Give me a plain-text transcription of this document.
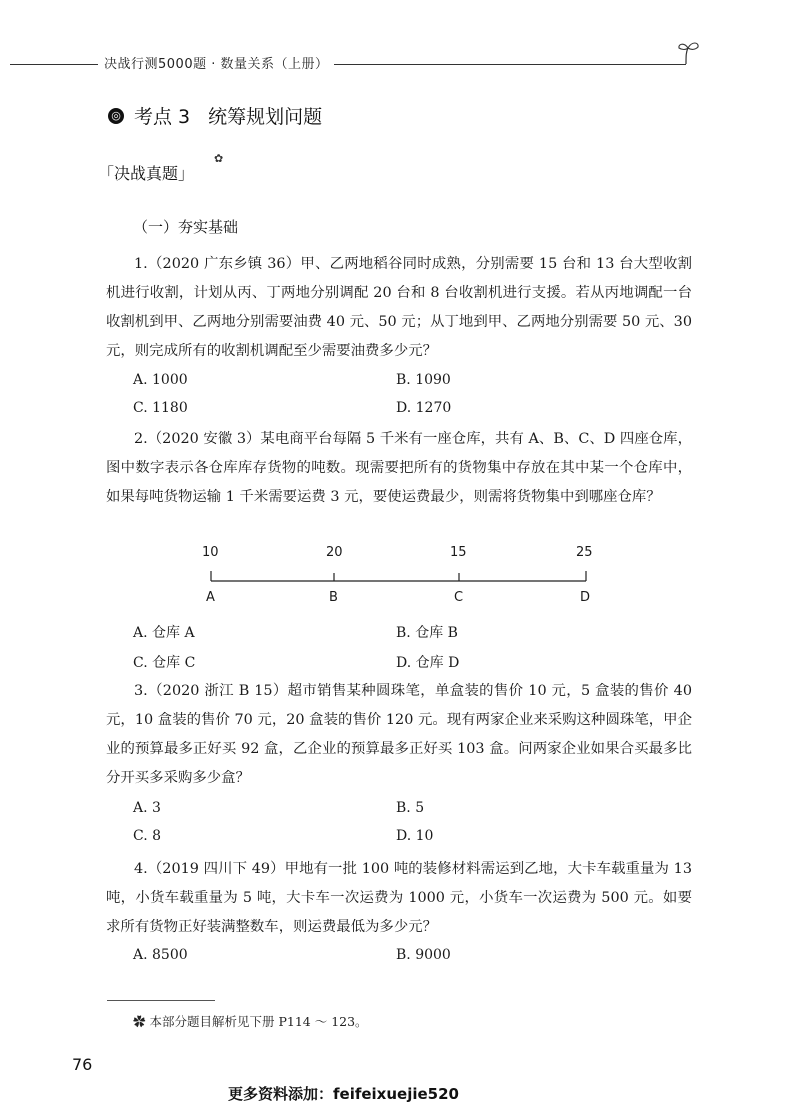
决战行测5000题 · 数量关系（上册）
◎ 考点 3 统筹规划问题
「决战真题」
✿
（一）夯实基础
1.（2020 广东乡镇 36）甲、乙两地稻谷同时成熟，分别需要 15 台和 13 台大型收割机进行收割，计划从丙、丁两地分别调配 20 台和 8 台收割机进行支援。若从丙地调配一台收割机到甲、乙两地分别需要油费 40 元、50 元；从丁地到甲、乙两地分别需要 50 元、30 元，则完成所有的收割机调配至少需要油费多少元？
A. 1000	B. 1090
C. 1180	D. 1270
2.（2020 安徽 3）某电商平台每隔 5 千米有一座仓库，共有 A、B、C、D 四座仓库，图中数字表示各仓库库存货物的吨数。现需要把所有的货物集中存放在其中某一个仓库中，如果每吨货物运输 1 千米需要运费 3 元，要使运费最少，则需将货物集中到哪座仓库？
10	20	15	25
A	B	C	D
A. 仓库 A	B. 仓库 B
C. 仓库 C	D. 仓库 D
3.（2020 浙江 B 15）超市销售某种圆珠笔，单盒装的售价 10 元，5 盒装的售价 40 元，10 盒装的售价 70 元，20 盒装的售价 120 元。现有两家企业来采购这种圆珠笔，甲企业的预算最多正好买 92 盒，乙企业的预算最多正好买 103 盒。问两家企业如果合买最多比分开买多采购多少盒？
A. 3	B. 5
C. 8	D. 10
4.（2019 四川下 49）甲地有一批 100 吨的装修材料需运到乙地，大卡车载重量为 13 吨，小货车载重量为 5 吨，大卡车一次运费为 1000 元，小货车一次运费为 500 元。如要求所有货物正好装满整数车，则运费最低为多少元？
A. 8500	B. 9000
✿ 本部分题目解析见下册 P114 ～ 123。
76
更多资料添加：feifeixuejie520
